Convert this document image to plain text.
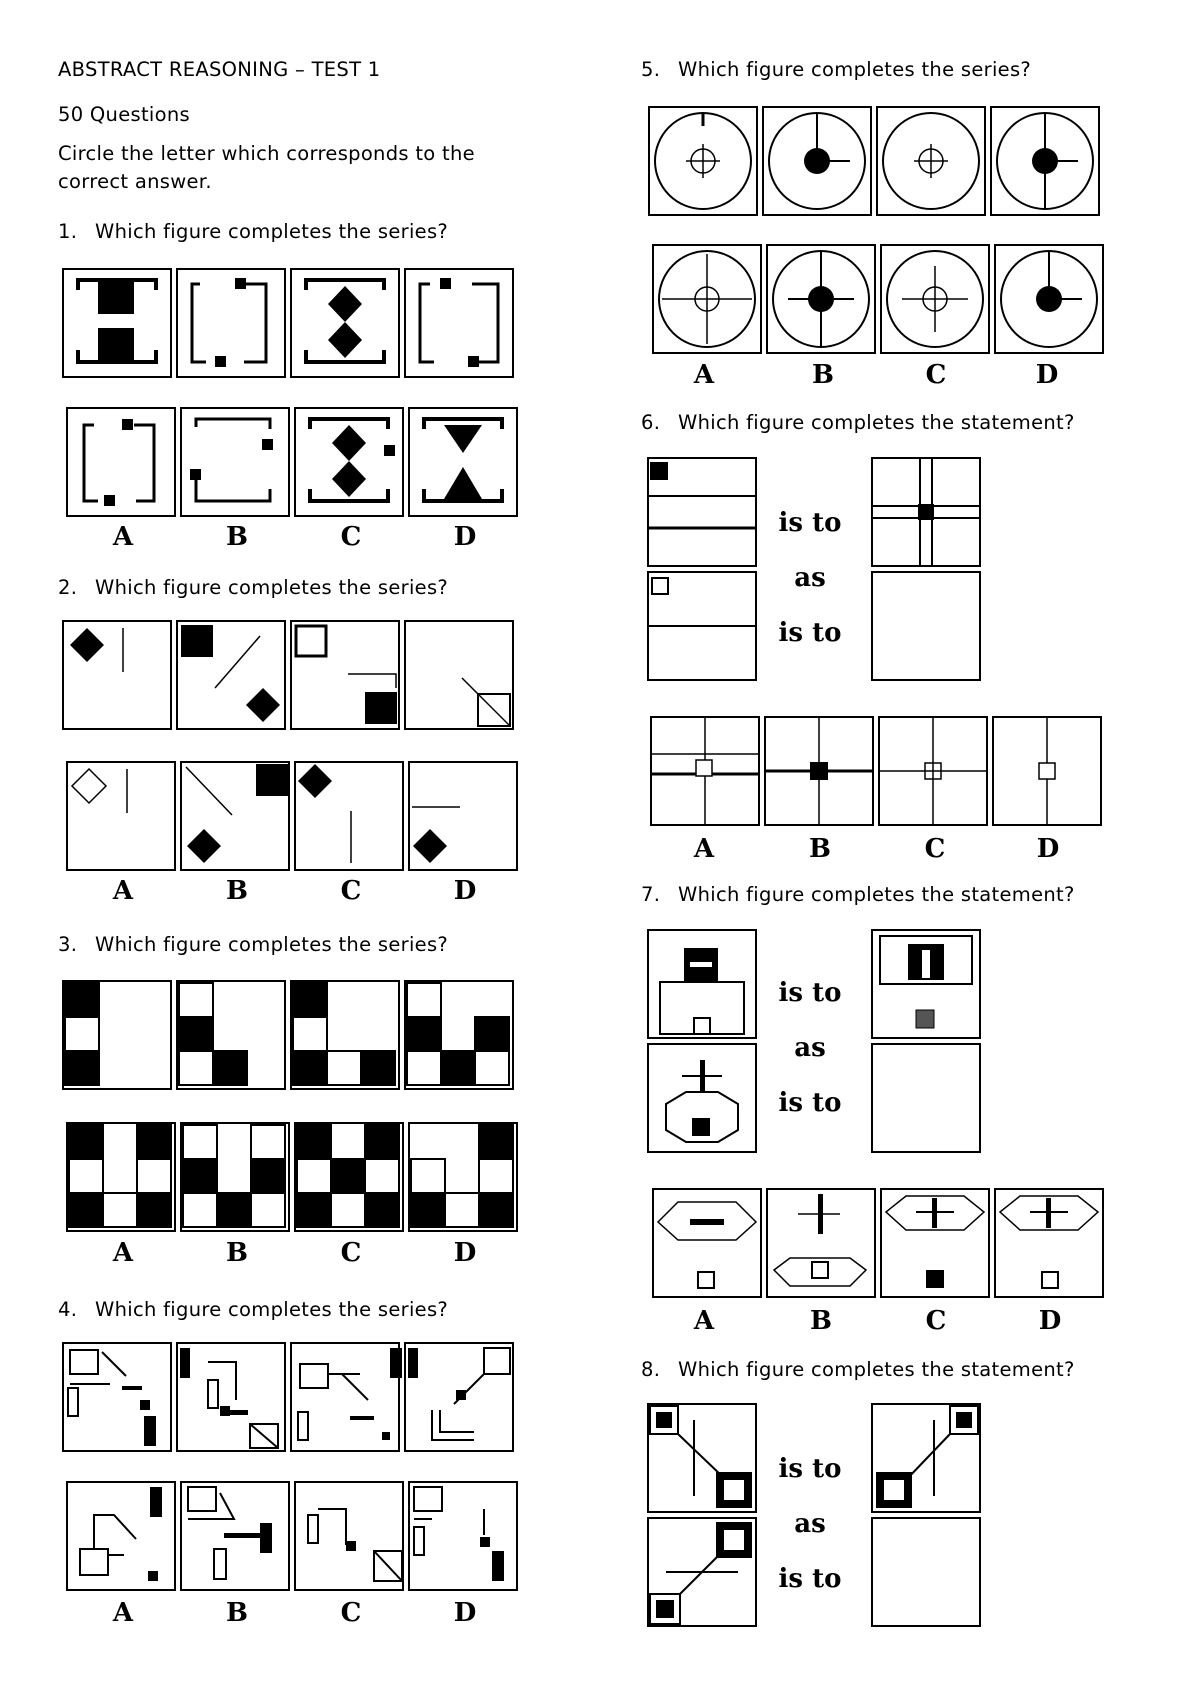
ABSTRACT REASONING – TEST 1
50 Questions
Circle the letter which corresponds to the correct answer.
1. Which figure completes the series?
2. Which figure completes the series?
3. Which figure completes the series?
4. Which figure completes the series?
5. Which figure completes the series?
6. Which figure completes the statement?
7. Which figure completes the statement?
8. Which figure completes the statement?
A	B	C	D
A	B	C	D
A	B	C	D
A	B	C	D
A	B	C	D
is to
as
is to
A	B	C	D
is to
as
is to
A	B	C	D
is to
as
is to
